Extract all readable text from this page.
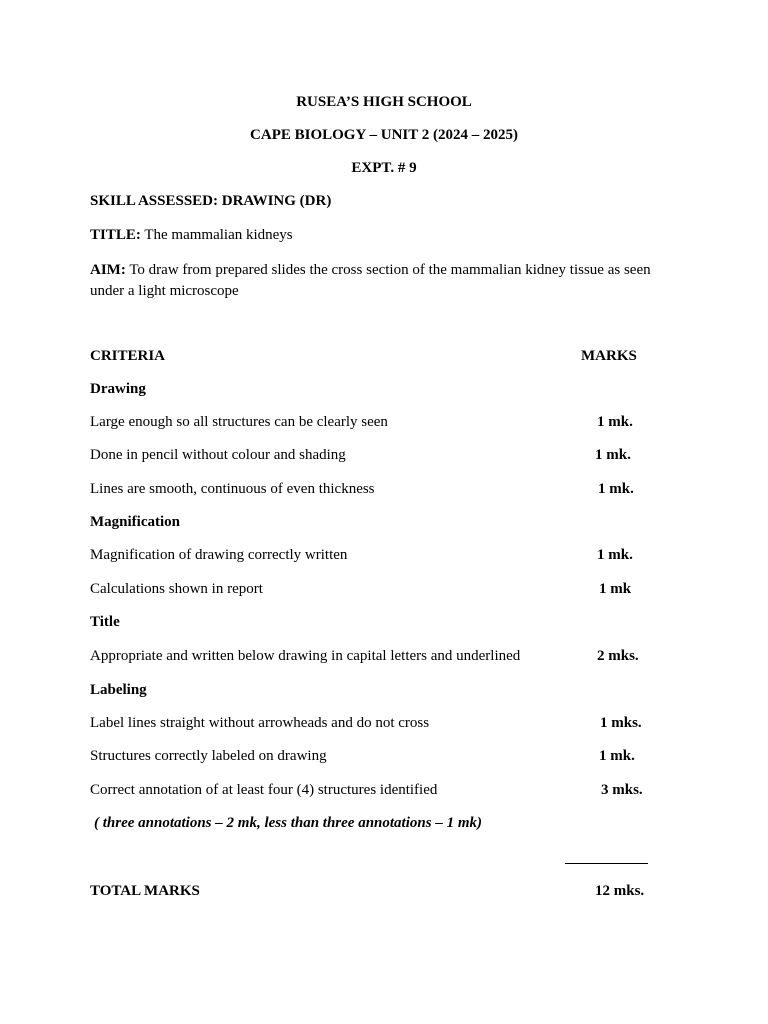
RUSEA’S HIGH SCHOOL
CAPE BIOLOGY – UNIT 2 (2024 – 2025)
EXPT. # 9
SKILL ASSESSED: DRAWING (DR)
TITLE: The mammalian kidneys
AIM: To draw from prepared slides the cross section of the mammalian kidney tissue as seen under a light microscope
CRITERIA	MARKS
Drawing
Large enough so all structures can be clearly seen	1 mk.
Done in pencil without colour and shading	1 mk.
Lines are smooth, continuous of even thickness	1 mk.
Magnification
Magnification of drawing correctly written	1 mk.
Calculations shown in report	1 mk
Title
Appropriate and written below drawing in capital letters and underlined	2 mks.
Labeling
Label lines straight without arrowheads and do not cross	1 mks.
Structures correctly labeled on drawing	1 mk.
Correct annotation of at least four (4) structures identified	3 mks.
( three annotations – 2 mk, less than three annotations – 1 mk)
TOTAL MARKS	12 mks.
